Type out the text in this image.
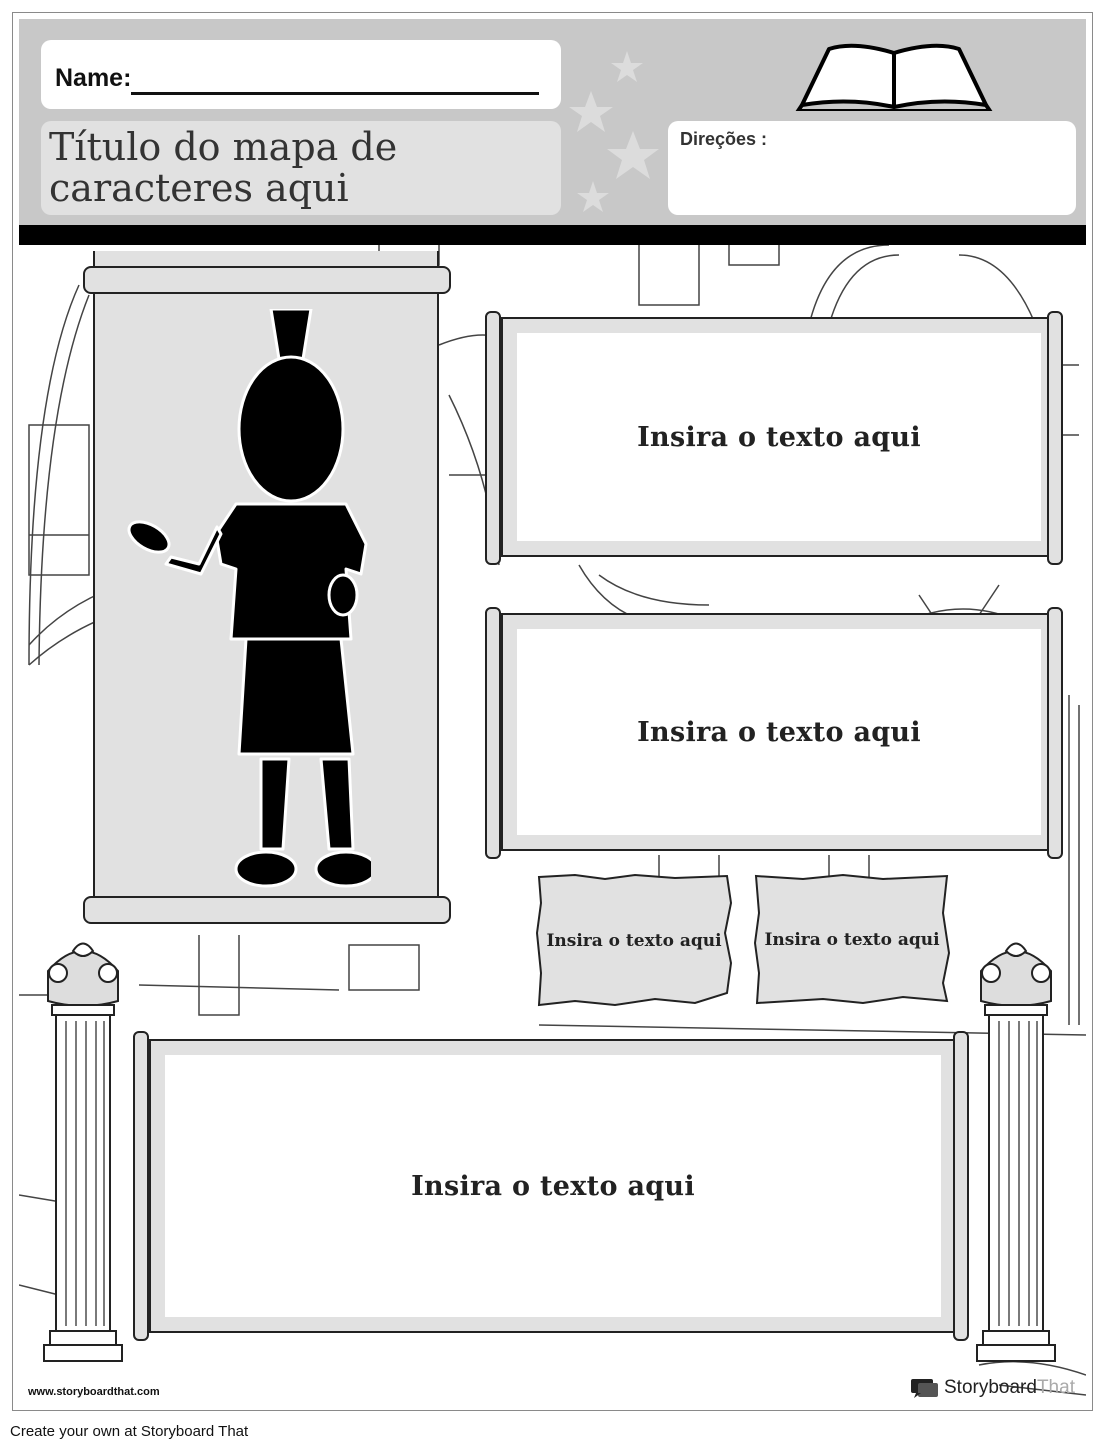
Name:
Título do mapa de caracteres aqui
Direções :
Insira o texto aqui
Insira o texto aqui
Insira o texto aqui	Insira o texto aqui
Insira o texto aqui
www.storyboardthat.com	Storyboard That
Create your own at Storyboard That
